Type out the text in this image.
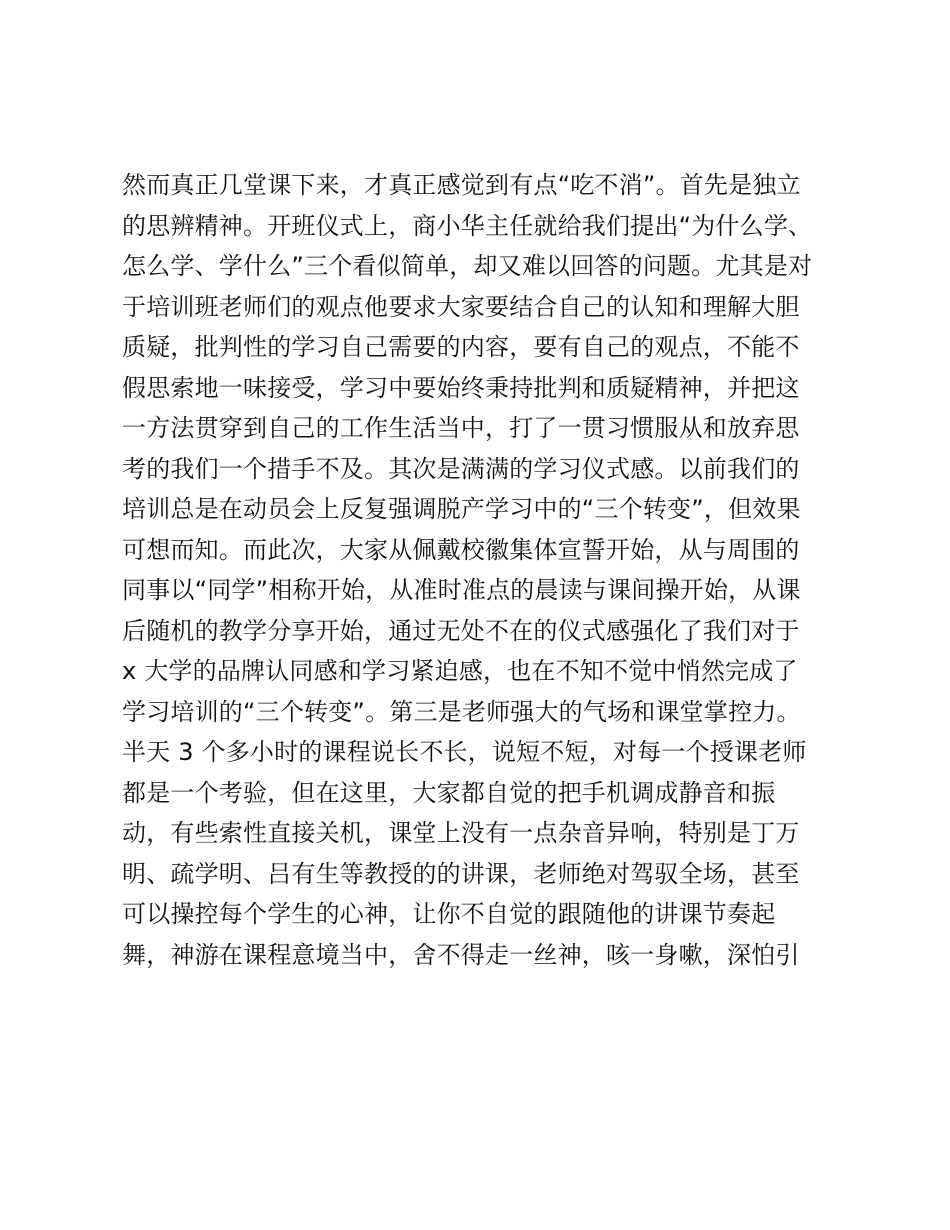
然而真正几堂课下来，才真正感觉到有点“吃不消”。首先是独立
的思辨精神。开班仪式上，商小华主任就给我们提出“为什么学、
怎么学、学什么”三个看似简单，却又难以回答的问题。尤其是对
于培训班老师们的观点他要求大家要结合自己的认知和理解大胆
质疑，批判性的学习自己需要的内容，要有自己的观点，不能不
假思索地一味接受，学习中要始终秉持批判和质疑精神，并把这
一方法贯穿到自己的工作生活当中，打了一贯习惯服从和放弃思
考的我们一个措手不及。其次是满满的学习仪式感。以前我们的
培训总是在动员会上反复强调脱产学习中的“三个转变”，但效果
可想而知。而此次，大家从佩戴校徽集体宣誓开始，从与周围的
同事以“同学”相称开始，从准时准点的晨读与课间操开始，从课
后随机的教学分享开始，通过无处不在的仪式感强化了我们对于
x 大学的品牌认同感和学习紧迫感，也在不知不觉中悄然完成了
学习培训的“三个转变”。第三是老师强大的气场和课堂掌控力。
半天 3 个多小时的课程说长不长，说短不短，对每一个授课老师
都是一个考验，但在这里，大家都自觉的把手机调成静音和振
动，有些索性直接关机，课堂上没有一点杂音异响，特别是丁万
明、疏学明、吕有生等教授的的讲课，老师绝对驾驭全场，甚至
可以操控每个学生的心神，让你不自觉的跟随他的讲课节奏起
舞，神游在课程意境当中，舍不得走一丝神，咳一身嗽，深怕引
